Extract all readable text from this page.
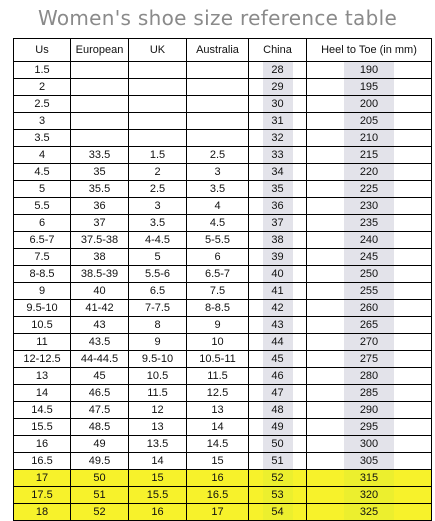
Women's shoe size reference table
Us	European	UK	Australia	China	Heel to Toe (in mm)
1.5				28	190

2				29	195

2.5				30	200

3				31	205

3.5				32	210

4	33.5	1.5	2.5	33	215

4.5	35	2	3	34	220

5	35.5	2.5	3.5	35	225

5.5	36	3	4	36	230

6	37	3.5	4.5	37	235

6.5-7	37.5-38	4-4.5	5-5.5	38	240

7.5	38	5	6	39	245

8-8.5	38.5-39	5.5-6	6.5-7	40	250

9	40	6.5	7.5	41	255

9.5-10	41-42	7-7.5	8-8.5	42	260

10.5	43	8	9	43	265

11	43.5	9	10	44	270

12-12.5	44-44.5	9.5-10	10.5-11	45	275

13	45	10.5	11.5	46	280

14	46.5	11.5	12.5	47	285

14.5	47.5	12	13	48	290

15.5	48.5	13	14	49	295

16	49	13.5	14.5	50	300

16.5	49.5	14	15	51	305

17	50	15	16	52	315

17.5	51	15.5	16.5	53	320

18	52	16	17	54	325
